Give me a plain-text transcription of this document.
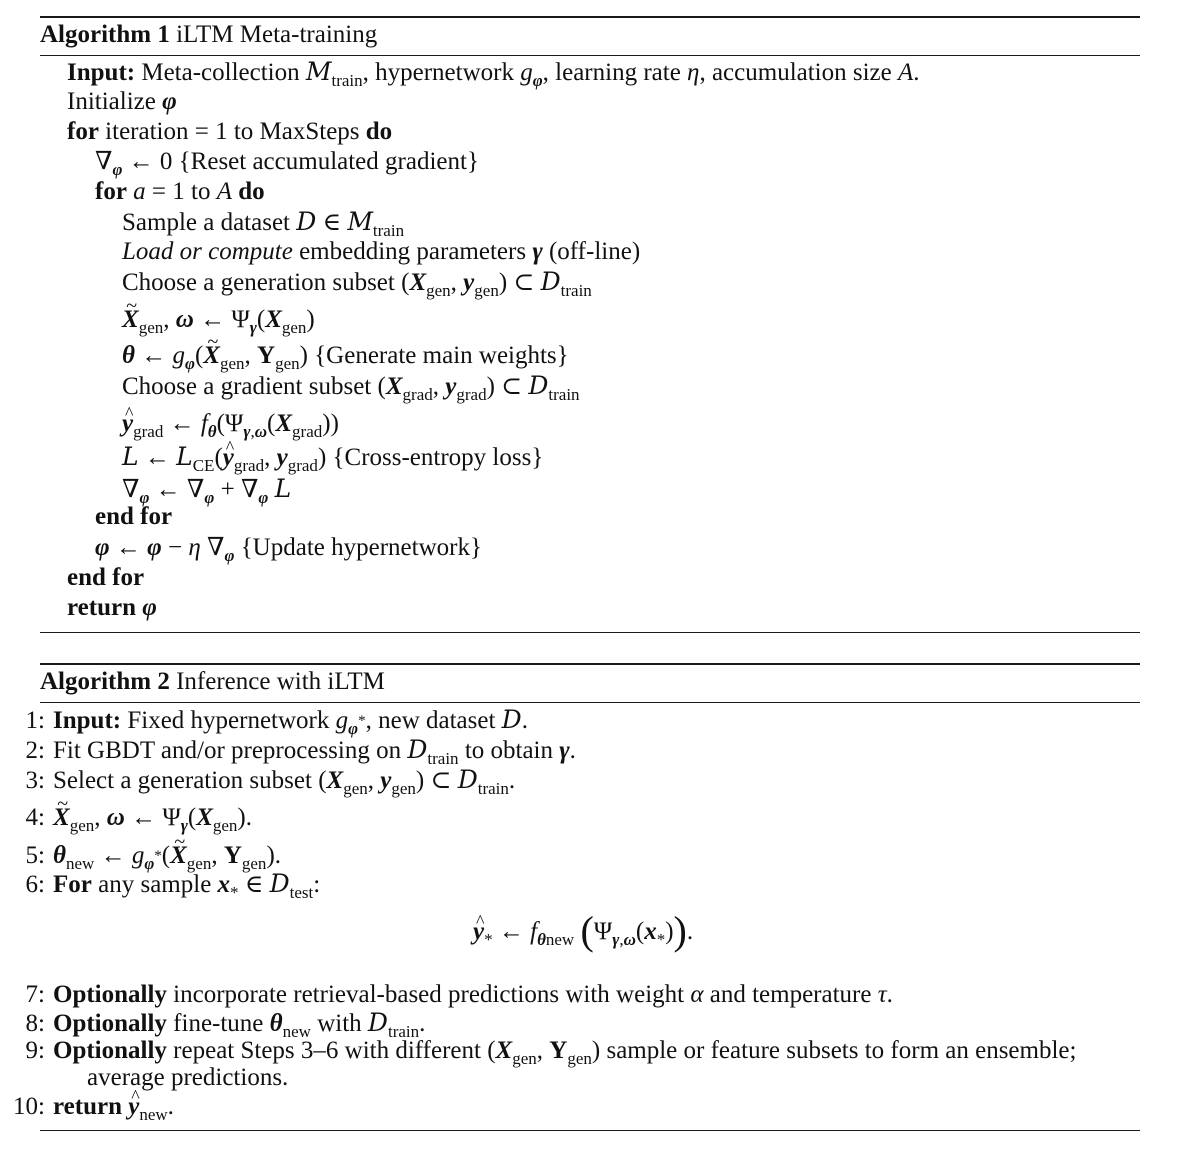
Algorithm 1 iLTM Meta-training
Input: Meta-collection $M_{train}$, hypernetwork $g_\varphi$, learning rate η, accumulation size A.
Initialize φ
for iteration = 1 to MaxSteps do
$\nabla_\varphi$ ← 0 {Reset accumulated gradient}
for a = 1 to A do
Sample a dataset D ∈ $M_{train}$
Load or compute embedding parameters γ (off-line)
Choose a generation subset ($X_{gen}$, $y_{gen}$) ⊂ $D_{train}$
~ $X_{gen}$, ω ← $\Psi_\gamma(X_{gen})$
θ ← $g_\varphi(\sim$ $X_{gen}$, $Y_{gen}$) {Generate main weights}
Choose a gradient subset ($X_{grad}$, $y_{grad}$) ⊂ $D_{train}$
^ $y_{grad}$ ← $f_\theta(\Psi_{\gamma,\omega}(X_{grad}))$
L ← $L_{CE}(\^{}$ $y_{grad}$, $y_{grad}$) {Cross-entropy loss}
$\nabla_\varphi$ ← $\nabla_\varphi + \nabla_\varphi$ L
end for
φ ← φ − η $\nabla_\varphi$ {Update hypernetwork}
end for
return φ
Algorithm 2 Inference with iLTM
1: Input: Fixed hypernetwork $g_{\varphi*}$, new dataset D.
2: Fit GBDT and/or preprocessing on $D_{train}$ to obtain γ.
3: Select a generation subset ($X_{gen}$, $y_{gen}$) ⊂ $D_{train}$.
4: ~ $X_{gen}$, ω ← $\Psi_\gamma(X_{gen})$.
5: $\theta_{new}$ ← $g_{\varphi*}(\sim$ $X_{gen}$, $Y_{gen}$).
6: For any sample $x_*$ ∈ $D_{test}$:
^ $y_*$ ← $f_{\theta new}$ $(\Psi_{\gamma,\omega}(x_*))$.
7: Optionally incorporate retrieval-based predictions with weight α and temperature τ.
8: Optionally fine-tune $\theta_{new}$ with $D_{train}$.
9: Optionally repeat Steps 3–6 with different ($X_{gen}$, $Y_{gen}$) sample or feature subsets to form an ensemble;
average predictions.
10: return ^ $y_{new}$.
